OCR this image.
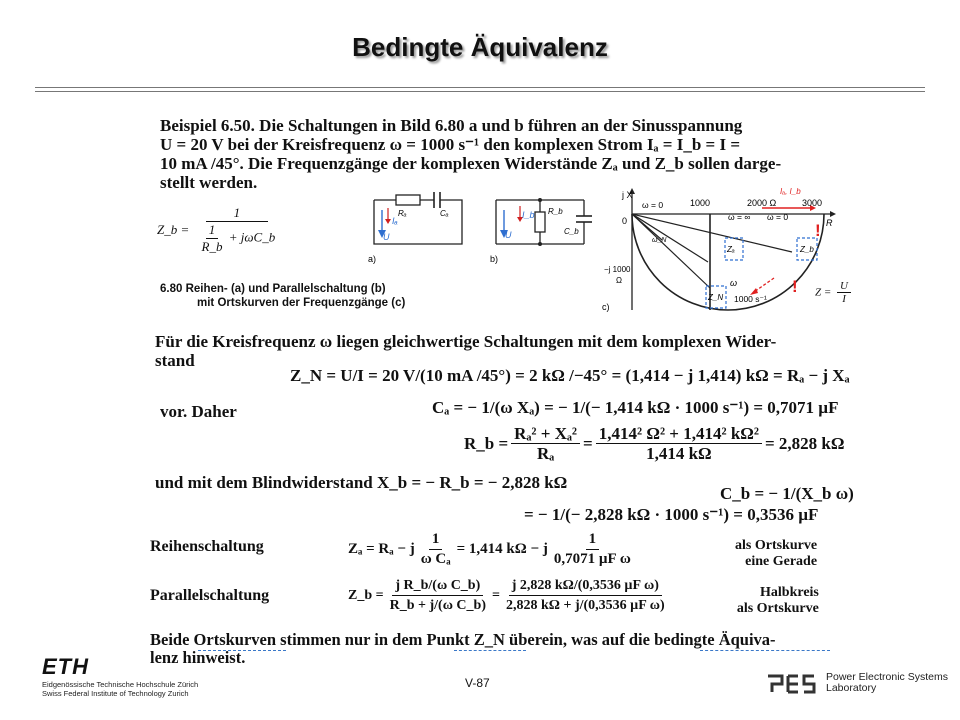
Bedingte Äquivalenz
Beispiel 6.50. Die Schaltungen in Bild 6.80 a und b führen an der Sinusspannung
U = 20 V bei der Kreisfrequenz ω = 1000 s⁻¹ den komplexen Strom Iₐ = I_b = I =
10 mA /45°. Die Frequenzgänge der komplexen Widerstände Zₐ und Z_b sollen darge-
stellt werden.
Z_b = $\frac{1}{\frac{1}{R\_b} + j\omega C\_b}$	U
Iₐ
Rₐ	Cₐ
a)
U
I_b R_b
C_b
b)
j X
R
1000	2000 Ω	3000
0
−j 1000
Ω
ω = 0
ω = ∞ ω = 0
ω
1000 s⁻¹
ω_N
Zₐ	Z_b
Z_N
Iₐ, I_b
!
!
c)
$Z = \frac{U}{I}$
6.80 Reihen- (a) und Parallelschaltung (b)
mit Ortskurven der Frequenzgänge (c)
Für die Kreisfrequenz ω liegen gleichwertige Schaltungen mit dem komplexen Wider-
stand
Z_N = U/I = 20 V/(10 mA /45°) = 2 kΩ /−45° = (1,414 − j 1,414) kΩ = Rₐ − j Xₐ
vor. Daher	Cₐ = − 1/(ω Xₐ) = − 1/(− 1,414 kΩ · 1000 s⁻¹) = 0,7071 µF
R_b = $\frac{\text{Rₐ² + Xₐ²}}{\text{Rₐ}} = \frac{\text{1,414² Ω² + 1,414² kΩ²}}{1,414 k\Omega} = 2,828$ kΩ
und mit dem Blindwiderstand X_b = − R_b = − 2,828 kΩ
C_b = − 1/(X_b ω)
= − 1/(− 2,828 kΩ · 1000 s⁻¹) = 0,3536 µF
Reihenschaltung	Zₐ = Rₐ − j $\frac{1}{\text{ω Cₐ}} = 1,414$ kΩ − j $\frac{1}{\text{0,7071 µF ω}}$	als Ortskurve
eine Gerade
Parallelschaltung	Z_b = $\frac{\text{j R\_b/(ω C\_b)}}{\text{R\_b + j/(ω C\_b)}} = \frac{\text{j 2,828 kΩ/(0,3536 µF ω)}}{\text{2,828 kΩ + j/(0,3536 µF ω)}}$	Halbkreis
als Ortskurve
Beide Ortskurven stimmen nur in dem Punkt Z_N überein, was auf die bedingte Äquiva-
lenz hinweist.
V-87
ETH
Eidgenössische Technische Hochschule Zürich
Swiss Federal Institute of Technology Zurich
Power Electronic Systems
Laboratory
